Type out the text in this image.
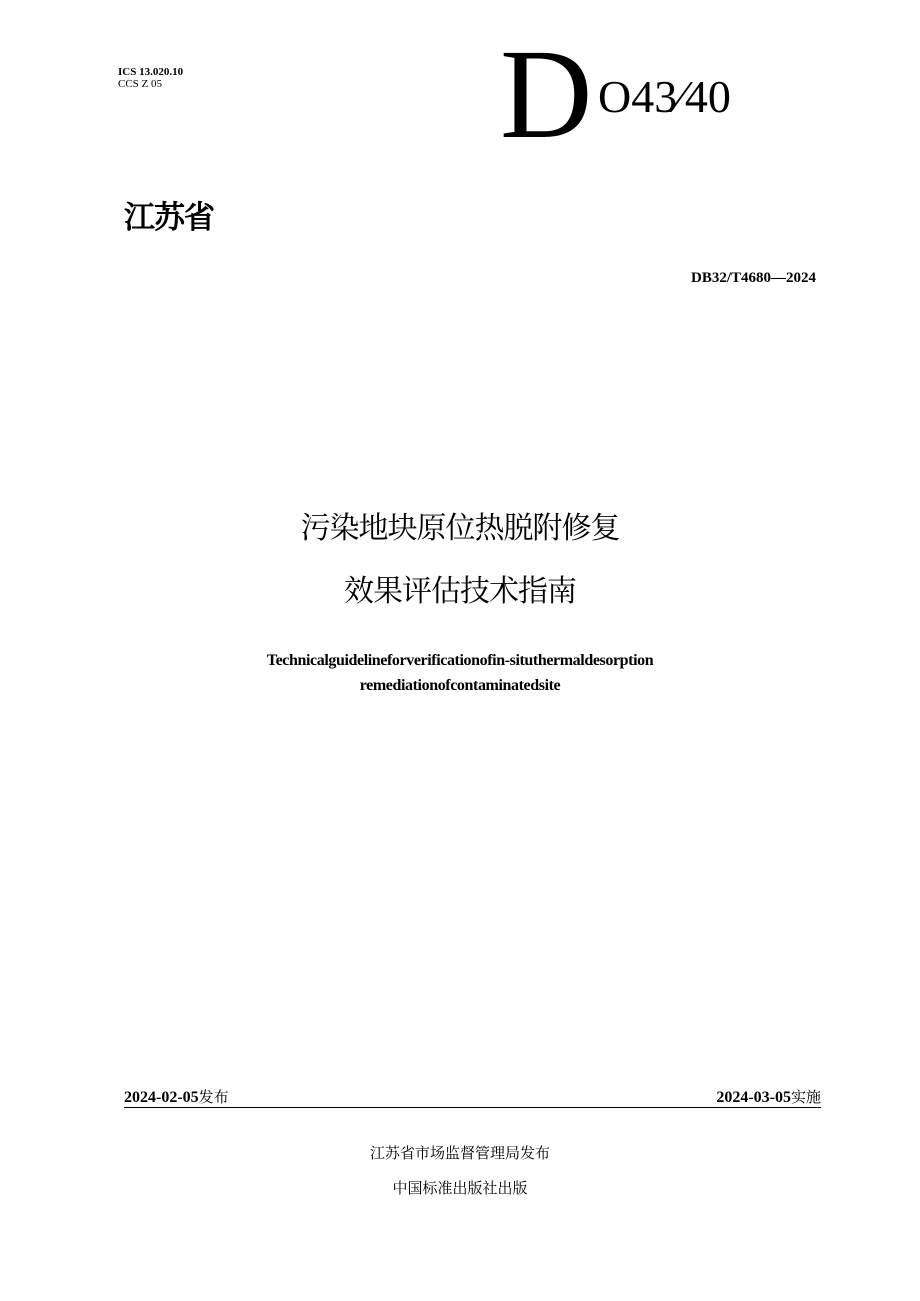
ICS 13.020.10
CCS Z 05	D O43⁄40
江苏省
DB32/T4680—2024
污染地块原位热脱附修复
效果评估技术指南
Technicalguidelineforverificationofin-situthermaldesorption
remediationofcontaminatedsite
2024-02-05发布	2024-03-05实施
江苏省市场监督管理局发布
中国标准出版社出版
